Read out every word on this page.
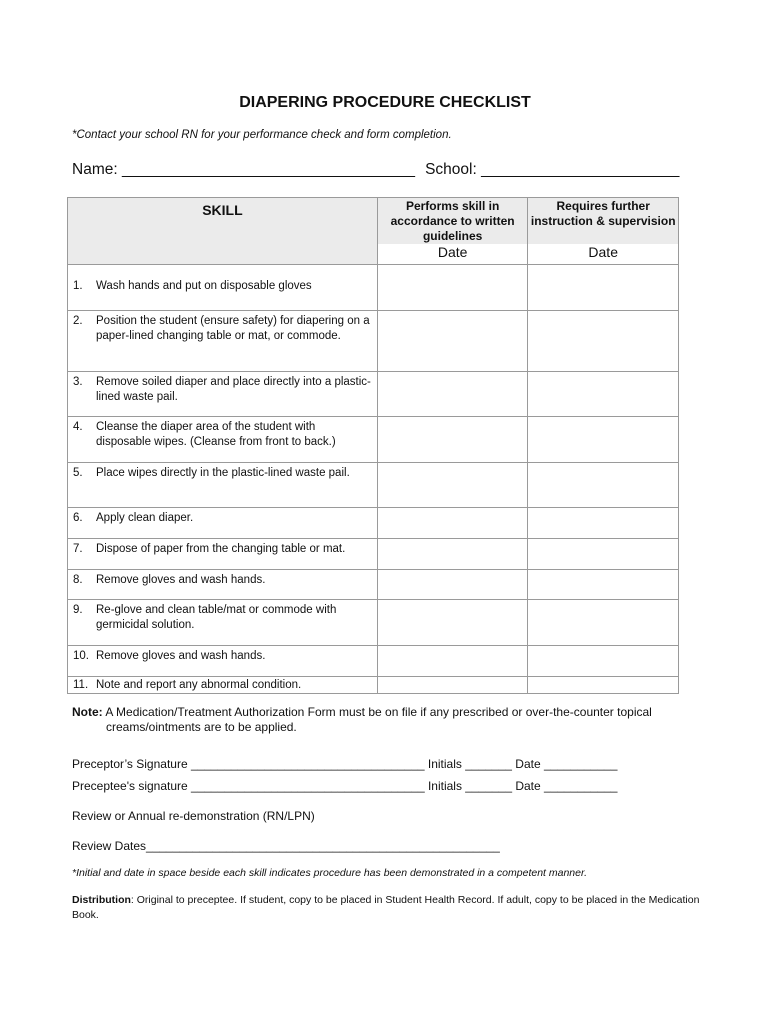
DIAPERING PROCEDURE CHECKLIST
*Contact your school RN for your performance check and form completion.
Name: __________________________________ School: _______________________
SKILL	Performs skill in accordance to written guidelines	Requires further instruction & supervision
	Date	Date

1. Wash hands and put on disposable gloves		

2. Position the student (ensure safety) for diapering on a paper-lined changing table or mat, or commode.		

3. Remove soiled diaper and place directly into a plastic-lined waste pail.		

4. Cleanse the diaper area of the student with disposable wipes. (Cleanse from front to back.)		

5. Place wipes directly in the plastic-lined waste pail.		

6. Apply clean diaper.		

7. Dispose of paper from the changing table or mat.		

8. Remove gloves and wash hands.		

9. Re-glove and clean table/mat or commode with germicidal solution.		

10. Remove gloves and wash hands.		

11. Note and report any abnormal condition.		

Note: A Medication/Treatment Authorization Form must be on file if any prescribed or over-the-counter topical
creams/ointments are to be applied.
Preceptor’s Signature ___________________________________ Initials _______ Date ___________
Preceptee's signature ___________________________________ Initials _______ Date ___________
Review or Annual re-demonstration (RN/LPN)
Review Dates_____________________________________________________
*Initial and date in space beside each skill indicates procedure has been demonstrated in a competent manner.
Distribution: Original to preceptee. If student, copy to be placed in Student Health Record. If adult, copy to be placed in the Medication Book.
